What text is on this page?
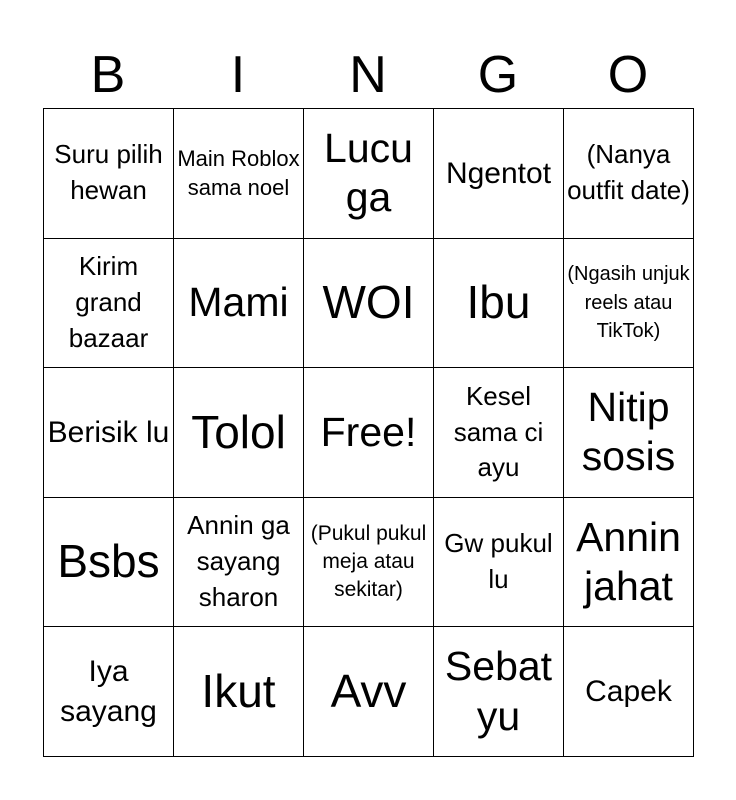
B	I	N	G	O
Suru pilih hewan	Main Roblox sama noel	Lucu ga	Ngentot	(Nanya outfit date)
Kirim grand bazaar	Mami	WOI	Ibu	(Ngasih unjuk reels atau TikTok)
Berisik lu	Tolol	Free!	Kesel sama ci ayu	Nitip sosis
Bsbs	Annin ga sayang sharon	(Pukul pukul meja atau sekitar)	Gw pukul lu	Annin jahat
Iya sayang	Ikut	Avv	Sebat yu	Capek
